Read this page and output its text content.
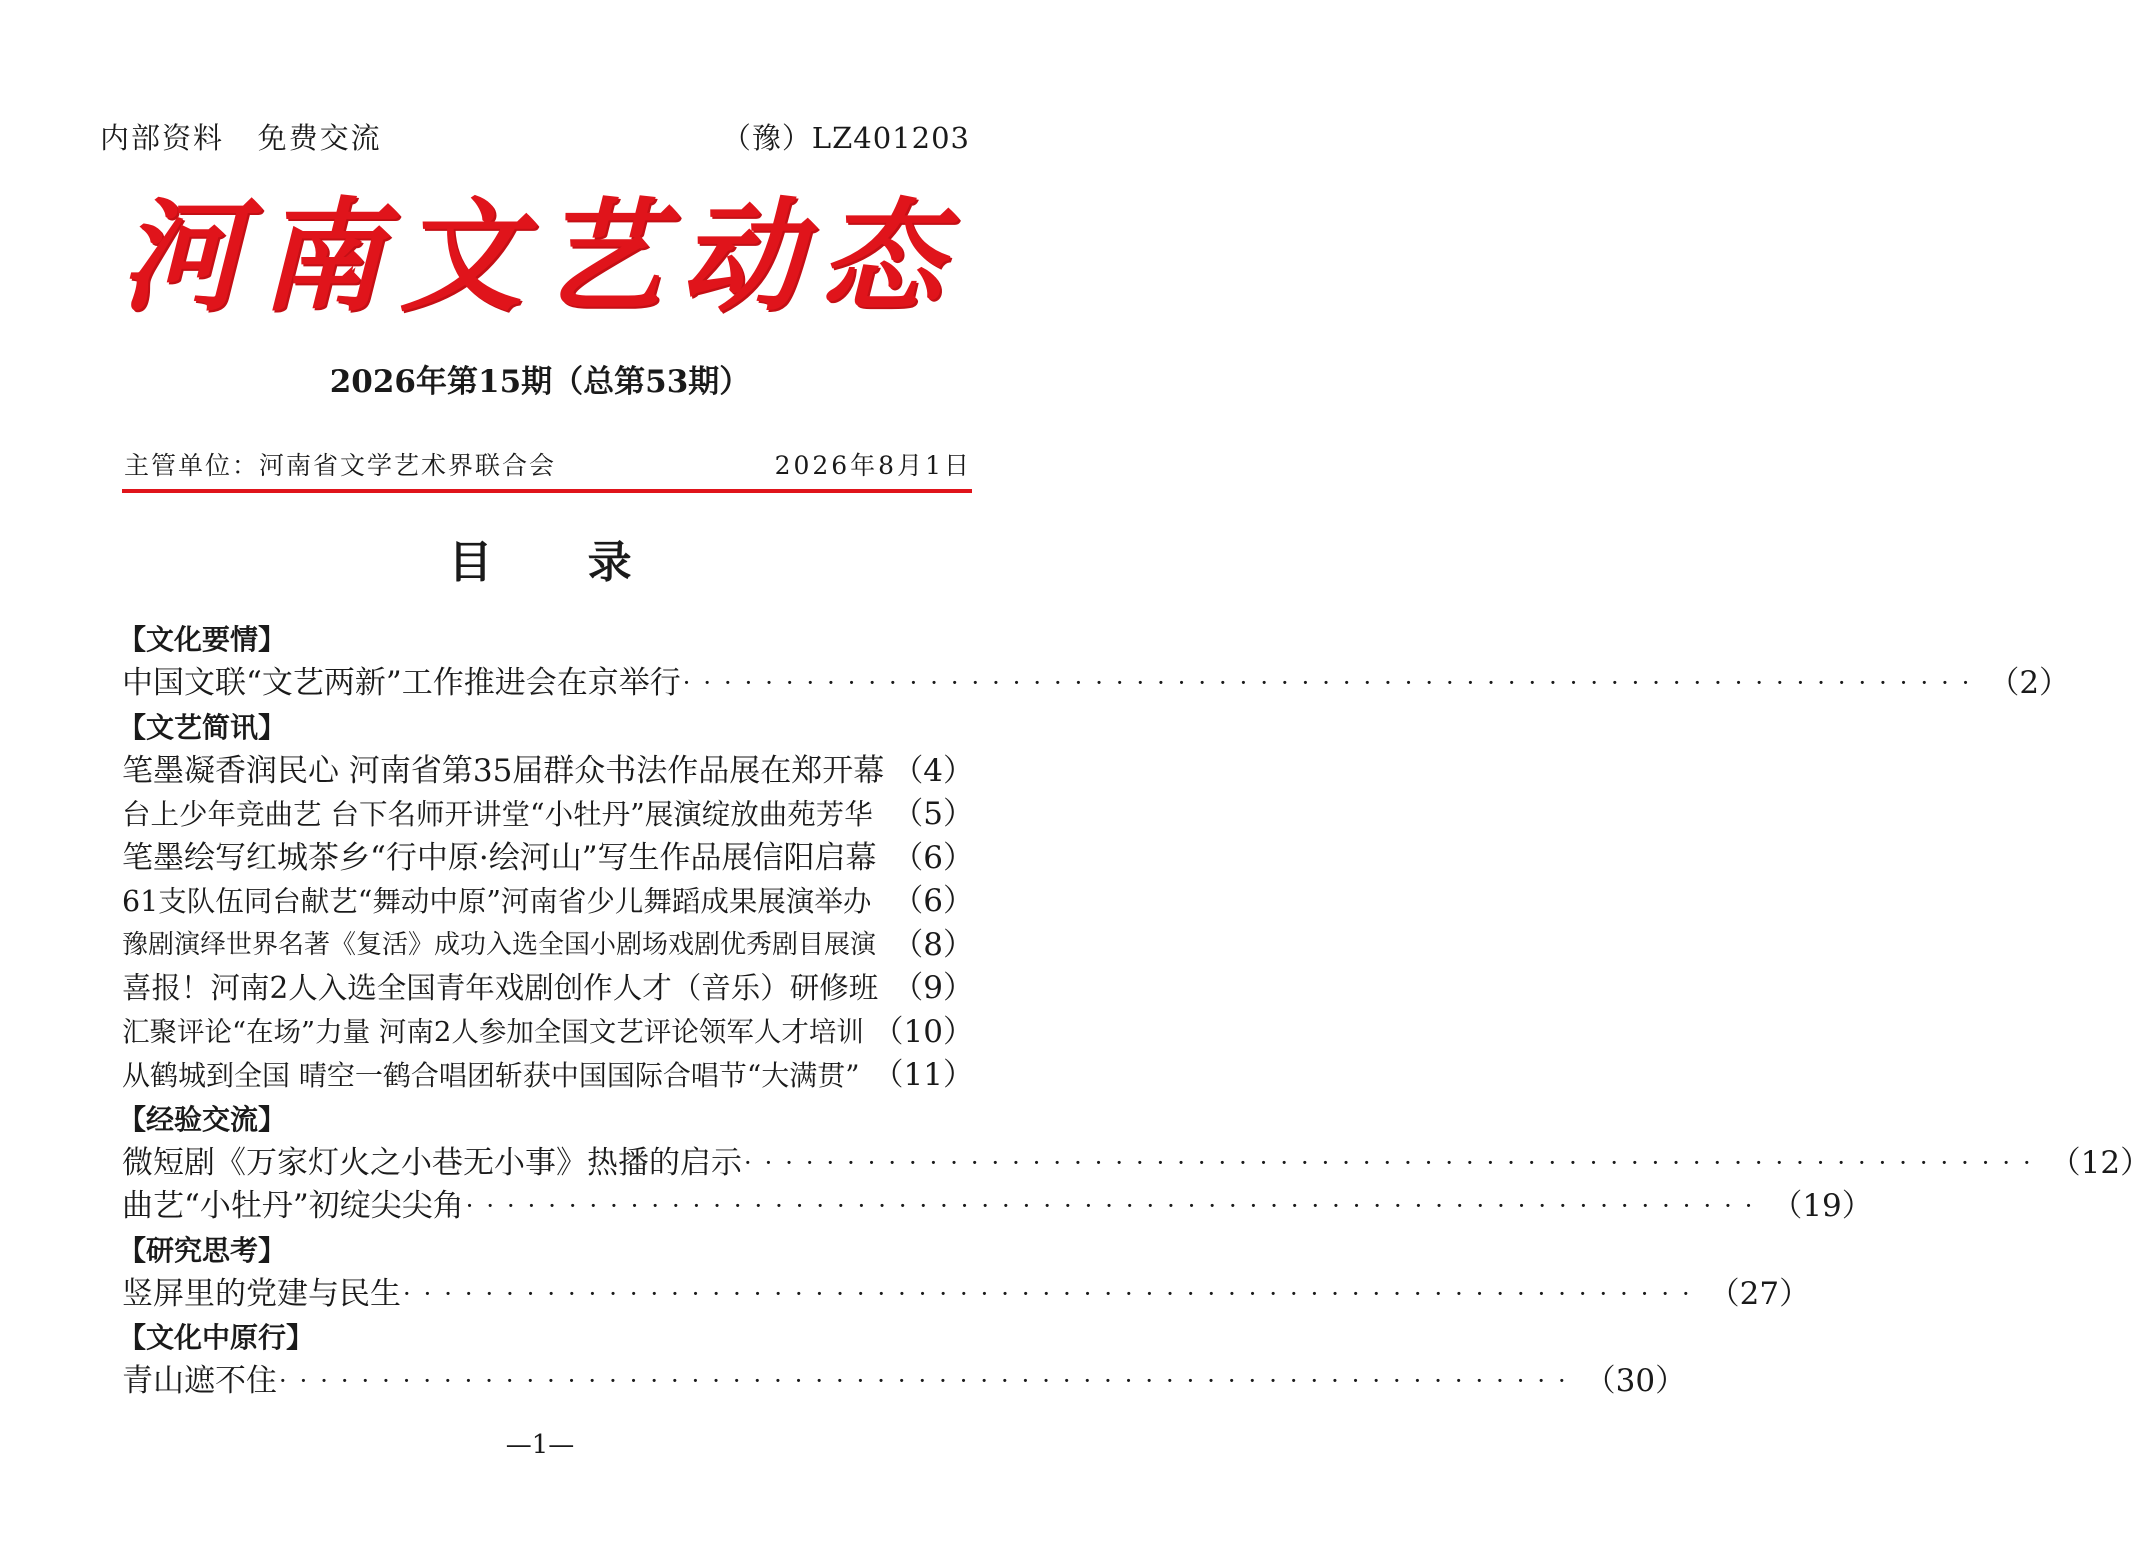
内部资料   免费交流	（豫）LZ401203
河南文艺动态
2026年第15期（总第53期）
主管单位：河南省文学艺术界联合会	2026年8月1日
目 录
【文化要情】
中国文联“文艺两新”工作推进会在京举行 ······························································· （2）
【文艺简讯】
笔墨凝香润民心 河南省第35届群众书法作品展在郑开幕 （4）
台上少年竞曲艺 台下名师开讲堂“小牡丹”展演绽放曲苑芳华 （5）
笔墨绘写红城茶乡“行中原·绘河山”写生作品展信阳启幕 （6）
61支队伍同台献艺“舞动中原”河南省少儿舞蹈成果展演举办 （6）
豫剧演绎世界名著《复活》成功入选全国小剧场戏剧优秀剧目展演 （8）
喜报！河南2人入选全国青年戏剧创作人才（音乐）研修班 （9）
汇聚评论“在场”力量 河南2人参加全国文艺评论领军人才培训 （10）
从鹤城到全国 晴空一鹤合唱团斩获中国国际合唱节“大满贯” （11）
【经验交流】
微短剧《万家灯火之小巷无小事》热播的启示 ······························································· （12）
曲艺“小牡丹”初绽尖尖角 ······························································· （19）
【研究思考】
竖屏里的党建与民生 ······························································· （27）
【文化中原行】
青山遮不住 ······························································· （30）
—1—
